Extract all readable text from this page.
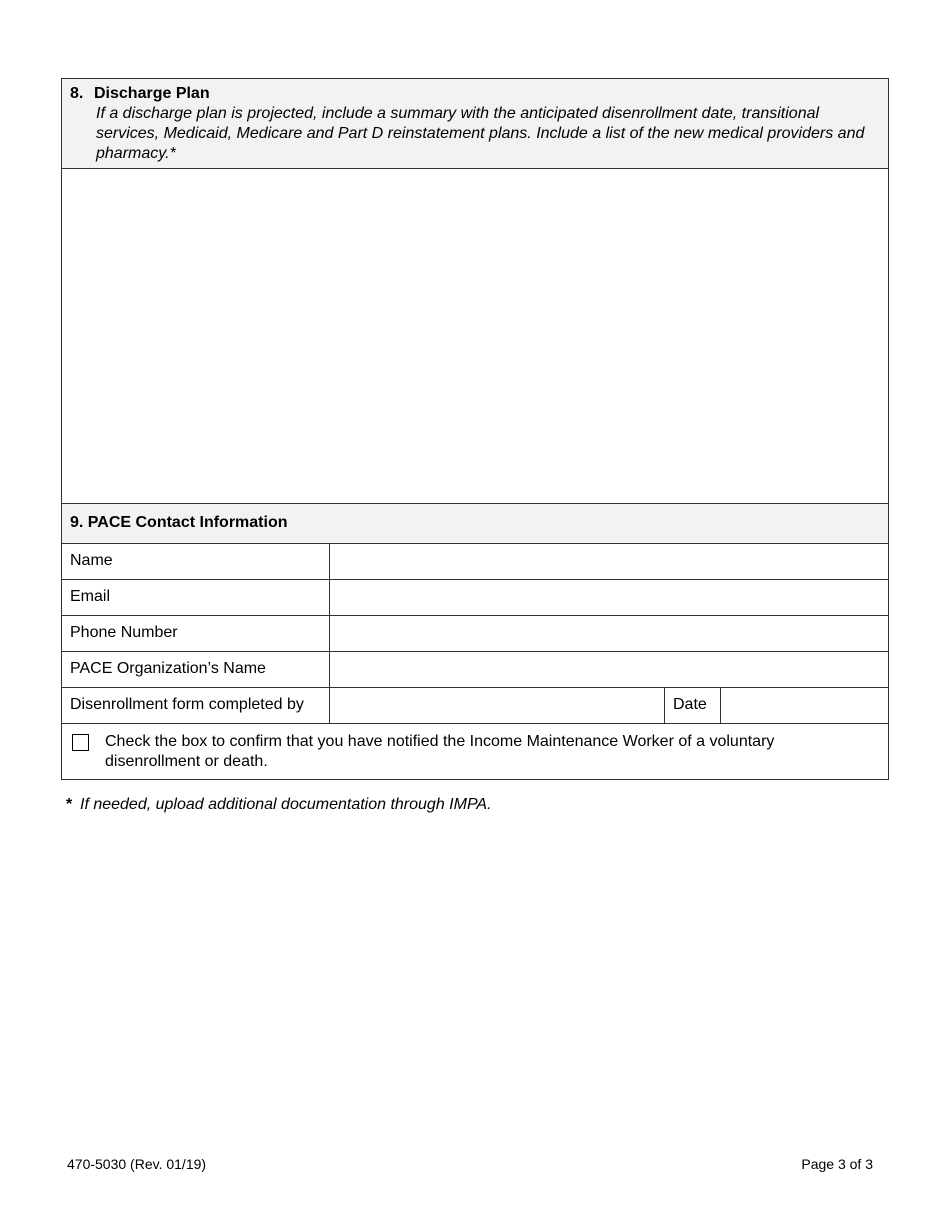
8. Discharge Plan
If a discharge plan is projected, include a summary with the anticipated disenrollment date, transitional services, Medicaid, Medicare and Part D reinstatement plans. Include a list of the new medical providers and pharmacy.*
9. PACE Contact Information
Name
Email
Phone Number
PACE Organization’s Name
Disenrollment form completed by	Date
Check the box to confirm that you have notified the Income Maintenance Worker of a voluntary disenrollment or death.
* If needed, upload additional documentation through IMPA.
470-5030 (Rev. 01/19)	Page 3 of 3
